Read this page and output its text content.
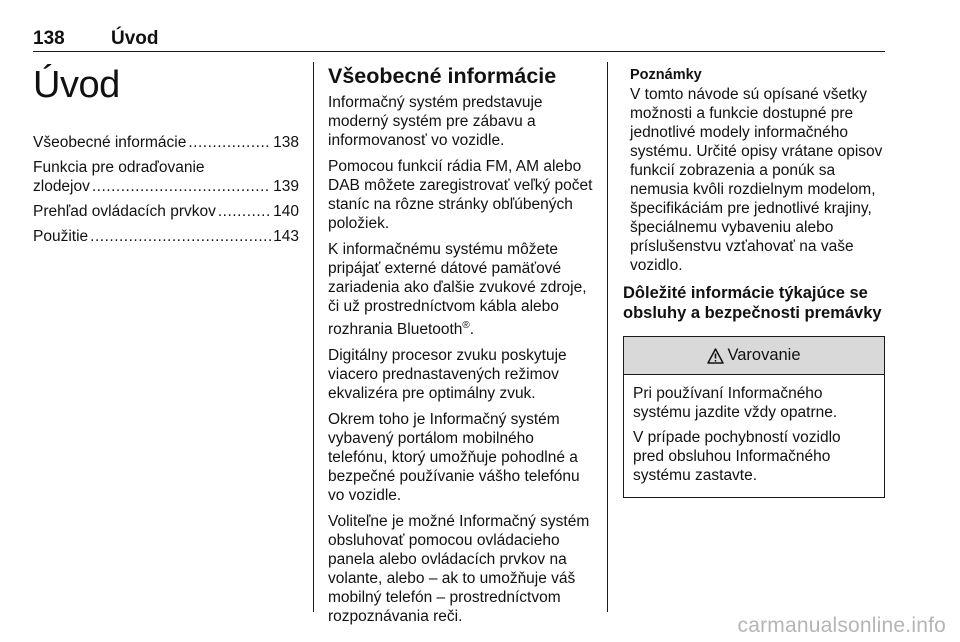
138 Úvod
Úvod
Všeobecné informácie .....	138
Funkcia pre odraďovanie
zlodejov .....	139
Prehľad ovládacích prvkov .....	140
Použitie .....	143
Všeobecné informácie

Informačný systém predstavuje moderný systém pre zábavu a informovanosť vo vozidle.

Pomocou funkcií rádia FM, AM alebo DAB môžete zaregistrovať veľký počet staníc na rôzne stránky obľúbených položiek.

K informačnému systému môžete pripájať externé dátové pamäťové zariadenia ako ďalšie zvukové zdroje, či už prostredníctvom kábla alebo rozhrania Bluetooth®.

Digitálny procesor zvuku poskytuje viacero prednastavených režimov ekvalizéra pre optimálny zvuk.

Okrem toho je Informačný systém vybavený portálom mobilného telefónu, ktorý umožňuje pohodlné a bezpečné používanie vášho telefónu vo vozidle.

Voliteľne je možné Informačný systém obsluhovať pomocou ovládacieho panela alebo ovládacích prvkov na volante, alebo – ak to umožňuje váš mobilný telefón – prostredníctvom rozpoznávania reči.

Poznámky
V tomto návode sú opísané všetky možnosti a funkcie dostupné pre jednotlivé modely informačného systému. Určité opisy vrátane opisov funkcií zobrazenia a ponúk sa nemusia kvôli rozdielnym modelom, špecifikáciám pre jednotlivé krajiny, špeciálnemu vybaveniu alebo príslušenstvu vzťahovať na vaše vozidlo.
Dôležité informácie týkajúce se obsluhy a bezpečnosti premávky
Varovanie

Pri používaní Informačného systému jazdite vždy opatrne.

V prípade pochybností vozidlo pred obsluhou Informačného systému zastavte.

carmanualsonline.info
